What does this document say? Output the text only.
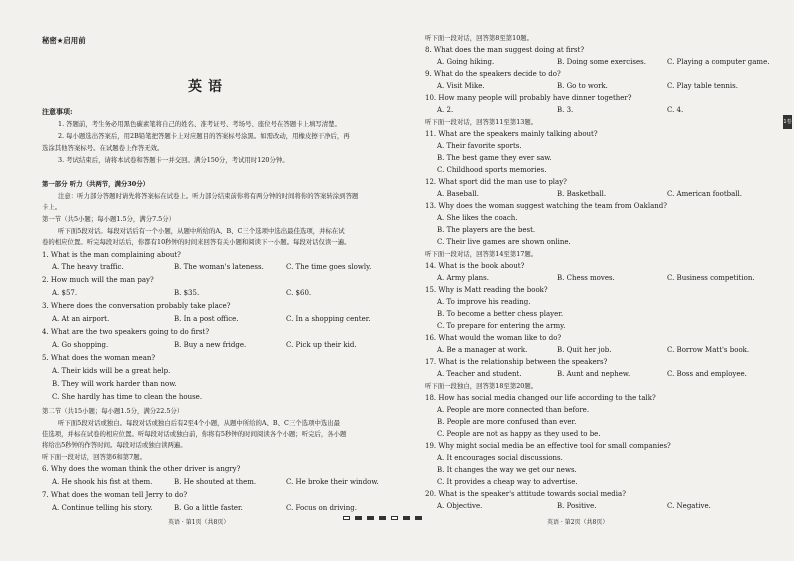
秘密★启用前
英语
注意事项:
1. 答题前，考生务必用黑色碳素笔将自己的姓名、准考证号、考场号、座位号在答题卡上填写清楚。
2. 每小题选出答案后，用2B铅笔把答题卡上对应题目的答案标号涂黑。如需改动，用橡皮擦干净后，再
选涂其他答案标号。在试题卷上作答无效。
3. 考试结束后，请将本试卷和答题卡一并交回。满分150分，考试用时120分钟。
第一部分 听力（共两节，满分30分）
注意：听力部分答题时请先将答案标在试卷上。听力部分结束前你将有两分钟的时间将你的答案转涂到答题
卡上。
第一节（共5小题；每小题1.5分，满分7.5分）
听下面5段对话。每段对话后有一个小题，从题中所给的A、B、C三个选项中选出最佳选项，并标在试
卷的相应位置。听完每段对话后，你都有10秒钟的时间来回答有关小题和阅读下一小题。每段对话仅读一遍。
1. What is the man complaining about?
A. The heavy traffic.	B. The woman's lateness.	C. The time goes slowly.
2. How much will the man pay?
A. $57.	B. $35.	C. $60.
3. Where does the conversation probably take place?
A. At an airport.	B. In a post office.	C. In a shopping center.
4. What are the two speakers going to do first?
A. Go shopping.	B. Buy a new fridge.	C. Pick up their kid.
5. What does the woman mean?
A. Their kids will be a great help.
B. They will work harder than now.
C. She hardly has time to clean the house.
第二节（共15小题；每小题1.5分，满分22.5分）
听下面5段对话或独白。每段对话或独白后有2至4个小题，从题中所给的A、B、C三个选项中选出最
佳选项，并标在试卷的相应位置。听每段对话或独白前，你将有5秒钟的时间阅读各个小题；听完后，各小题
将给出5秒钟的作答时间。每段对话或独白读两遍。
听下面一段对话，回答第6和第7题。
6. Why does the woman think the other driver is angry?
A. He shook his fist at them.	B. He shouted at them.	C. He broke their window.
7. What does the woman tell Jerry to do?
A. Continue telling his story.	B. Go a little faster.	C. Focus on driving.
英语 · 第1页（共8页）
听下面一段对话，回答第8至第10题。
8. What does the man suggest doing at first?
A. Going hiking.	B. Doing some exercises.	C. Playing a computer game.
9. What do the speakers decide to do?
A. Visit Mike.	B. Go to work.	C. Play table tennis.
10. How many people will probably have dinner together?
A. 2.	B. 3.	C. 4.
听下面一段对话，回答第11至第13题。
11. What are the speakers mainly talking about?
A. Their favorite sports.
B. The best game they ever saw.
C. Childhood sports memories.
12. What sport did the man use to play?
A. Baseball.	B. Basketball.	C. American football.
13. Why does the woman suggest watching the team from Oakland?
A. She likes the coach.
B. The players are the best.
C. Their live games are shown online.
听下面一段对话，回答第14至第17题。
14. What is the book about?
A. Army plans.	B. Chess moves.	C. Business competition.
15. Why is Matt reading the book?
A. To improve his reading.
B. To become a better chess player.
C. To prepare for entering the army.
16. What would the woman like to do?
A. Be a manager at work.	B. Quit her job.	C. Borrow Matt's book.
17. What is the relationship between the speakers?
A. Teacher and student.	B. Aunt and nephew.	C. Boss and employee.
听下面一段独白，回答第18至第20题。
18. How has social media changed our life according to the talk?
A. People are more connected than before.
B. People are more confused than ever.
C. People are not as happy as they used to be.
19. Why might social media be an effective tool for small companies?
A. It encourages social discussions.
B. It changes the way we get our news.
C. It provides a cheap way to advertise.
20. What is the speaker's attitude towards social media?
A. Objective.	B. Positive.	C. Negative.
英语 · 第2页（共8页）
1卷
